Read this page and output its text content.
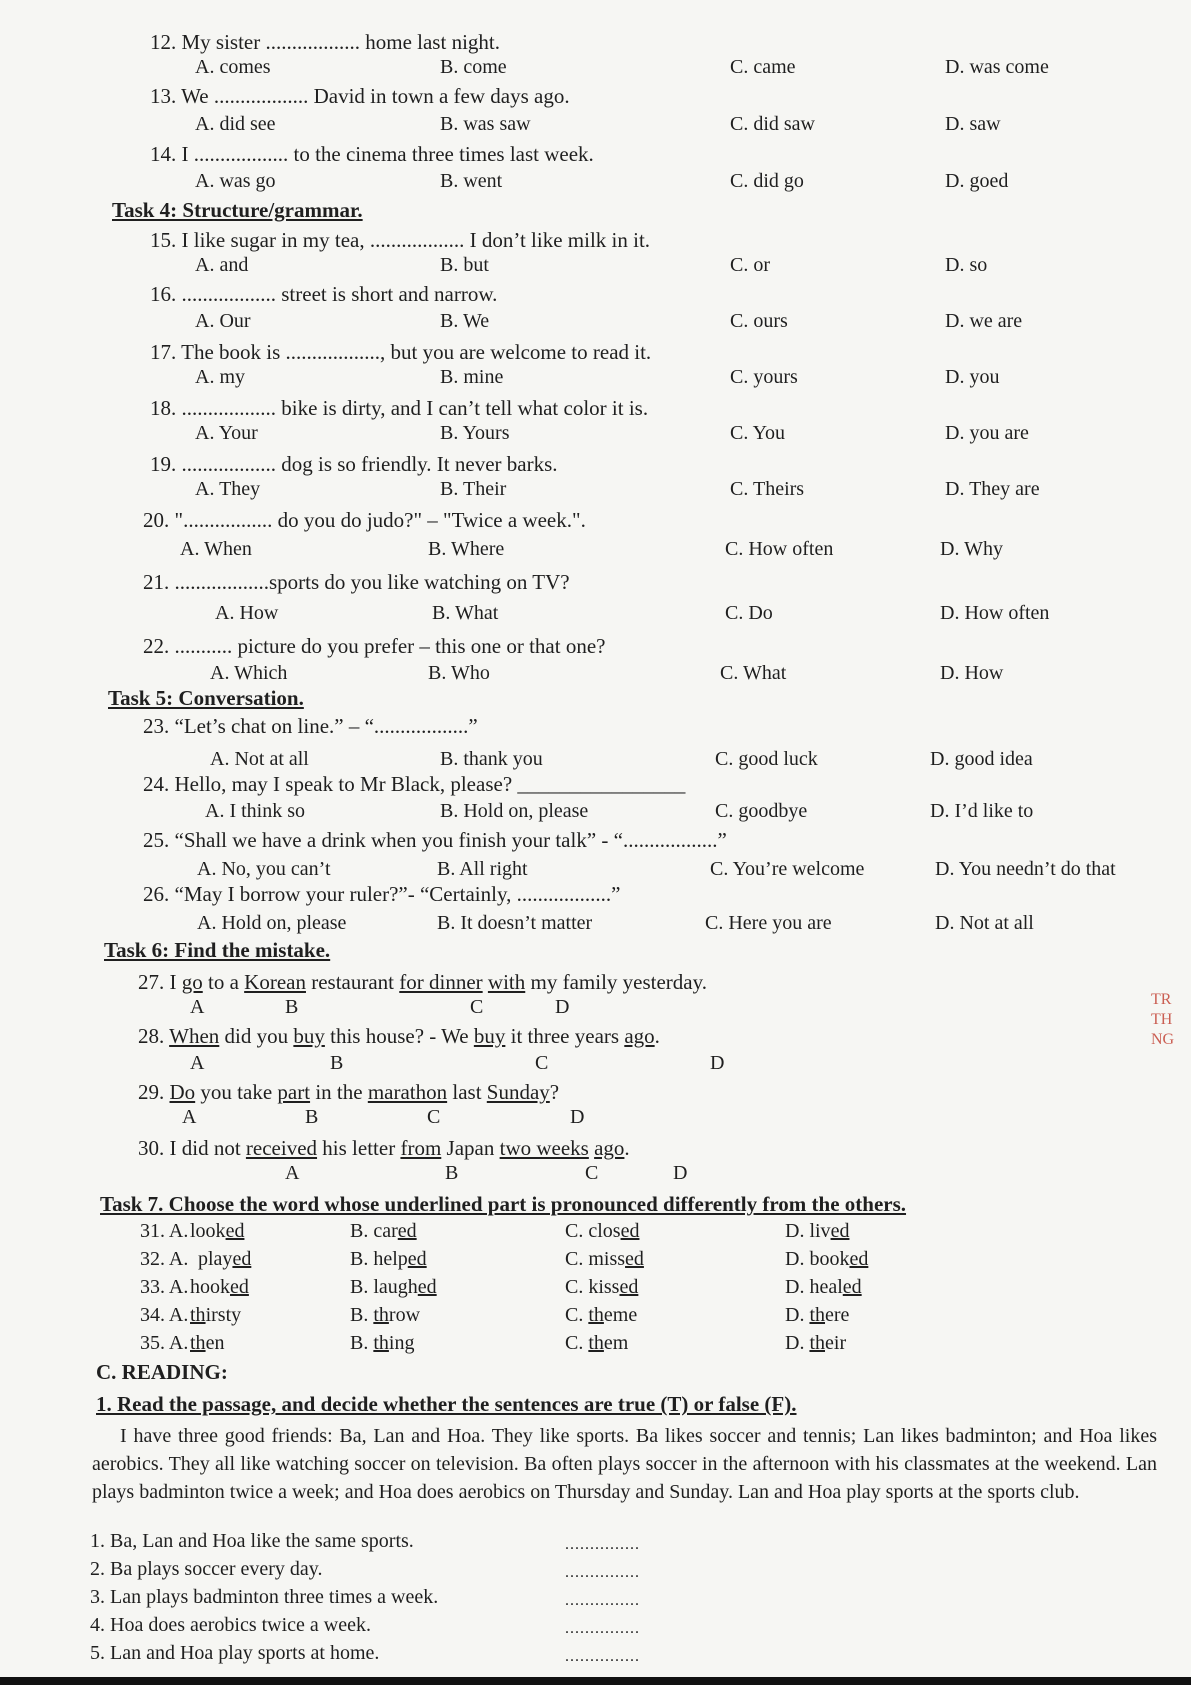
12. My sister .................. home last night.
A. comes	B. come	C. came	D. was come
13. We .................. David in town a few days ago.
A. did see	B. was saw	C. did saw	D. saw
14. I .................. to the cinema three times last week.
A. was go	B. went	C. did go	D. goed
Task 4: Structure/grammar.
15. I like sugar in my tea, .................. I don’t like milk in it.
A. and	B. but	C. or	D. so
16. .................. street is short and narrow.
A. Our	B. We	C. ours	D. we are
17. The book is .................., but you are welcome to read it.
A. my	B. mine	C. yours	D. you
18. .................. bike is dirty, and I can’t tell what color it is.
A. Your	B. Yours	C. You	D. you are
19. .................. dog is so friendly. It never barks.
A. They	B. Their	C. Theirs	D. They are
20. "................. do you do judo?" – "Twice a week.".
A. When	B. Where	C. How often	D. Why
21. ..................sports do you like watching on TV?
A. How	B. What	C. Do	D. How often
22. ........... picture do you prefer – this one or that one?
A. Which	B. Who	C. What	D. How
Task 5: Conversation.
23. “Let’s chat on line.” – “..................”
A. Not at all	B. thank you	C. good luck	D. good idea
24. Hello, may I speak to Mr Black, please? ________________
A. I think so	B. Hold on, please	C. goodbye	D. I’d like to
25. “Shall we have a drink when you finish your talk” - “..................”
A. No, you can’t	B. All right	C. You’re welcome	D. You needn’t do that
26. “May I borrow your ruler?”- “Certainly, ..................”
A. Hold on, please	B. It doesn’t matter	C. Here you are	D. Not at all
Task 6: Find the mistake.
27. I go to a Korean restaurant for dinner with my family yesterday.
A	B	C	D
28. When did you buy this house? - We buy it three years ago.
A	B	C	D
29. Do you take part in the marathon last Sunday?
A	B	C	D
30. I did not received his letter from Japan two weeks ago.
A	B	C	D
Task 7. Choose the word whose underlined part is pronounced differently from the others.
31. A. looked	B. cared	C. closed	D. lived
32. A. played	B. helped	C. missed	D. booked
33. A. hooked	B. laughed	C. kissed	D. healed
34. A. thirsty	B. throw	C. theme	D. there
35. A. then	B. thing	C. them	D. their
C. READING:
1. Read the passage, and decide whether the sentences are true (T) or false (F).
I have three good friends: Ba, Lan and Hoa. They like sports. Ba likes soccer and tennis; Lan likes badminton; and Hoa likes aerobics. They all like watching soccer on television. Ba often plays soccer in the afternoon with his classmates at the weekend. Lan plays badminton twice a week; and Hoa does aerobics on Thursday and Sunday. Lan and Hoa play sports at the sports club.
1. Ba, Lan and Hoa like the same sports.	...............
2. Ba plays soccer every day.	...............
3. Lan plays badminton three times a week.	...............
4. Hoa does aerobics twice a week.	...............
5. Lan and Hoa play sports at home.	...............
TR
TH
NG
